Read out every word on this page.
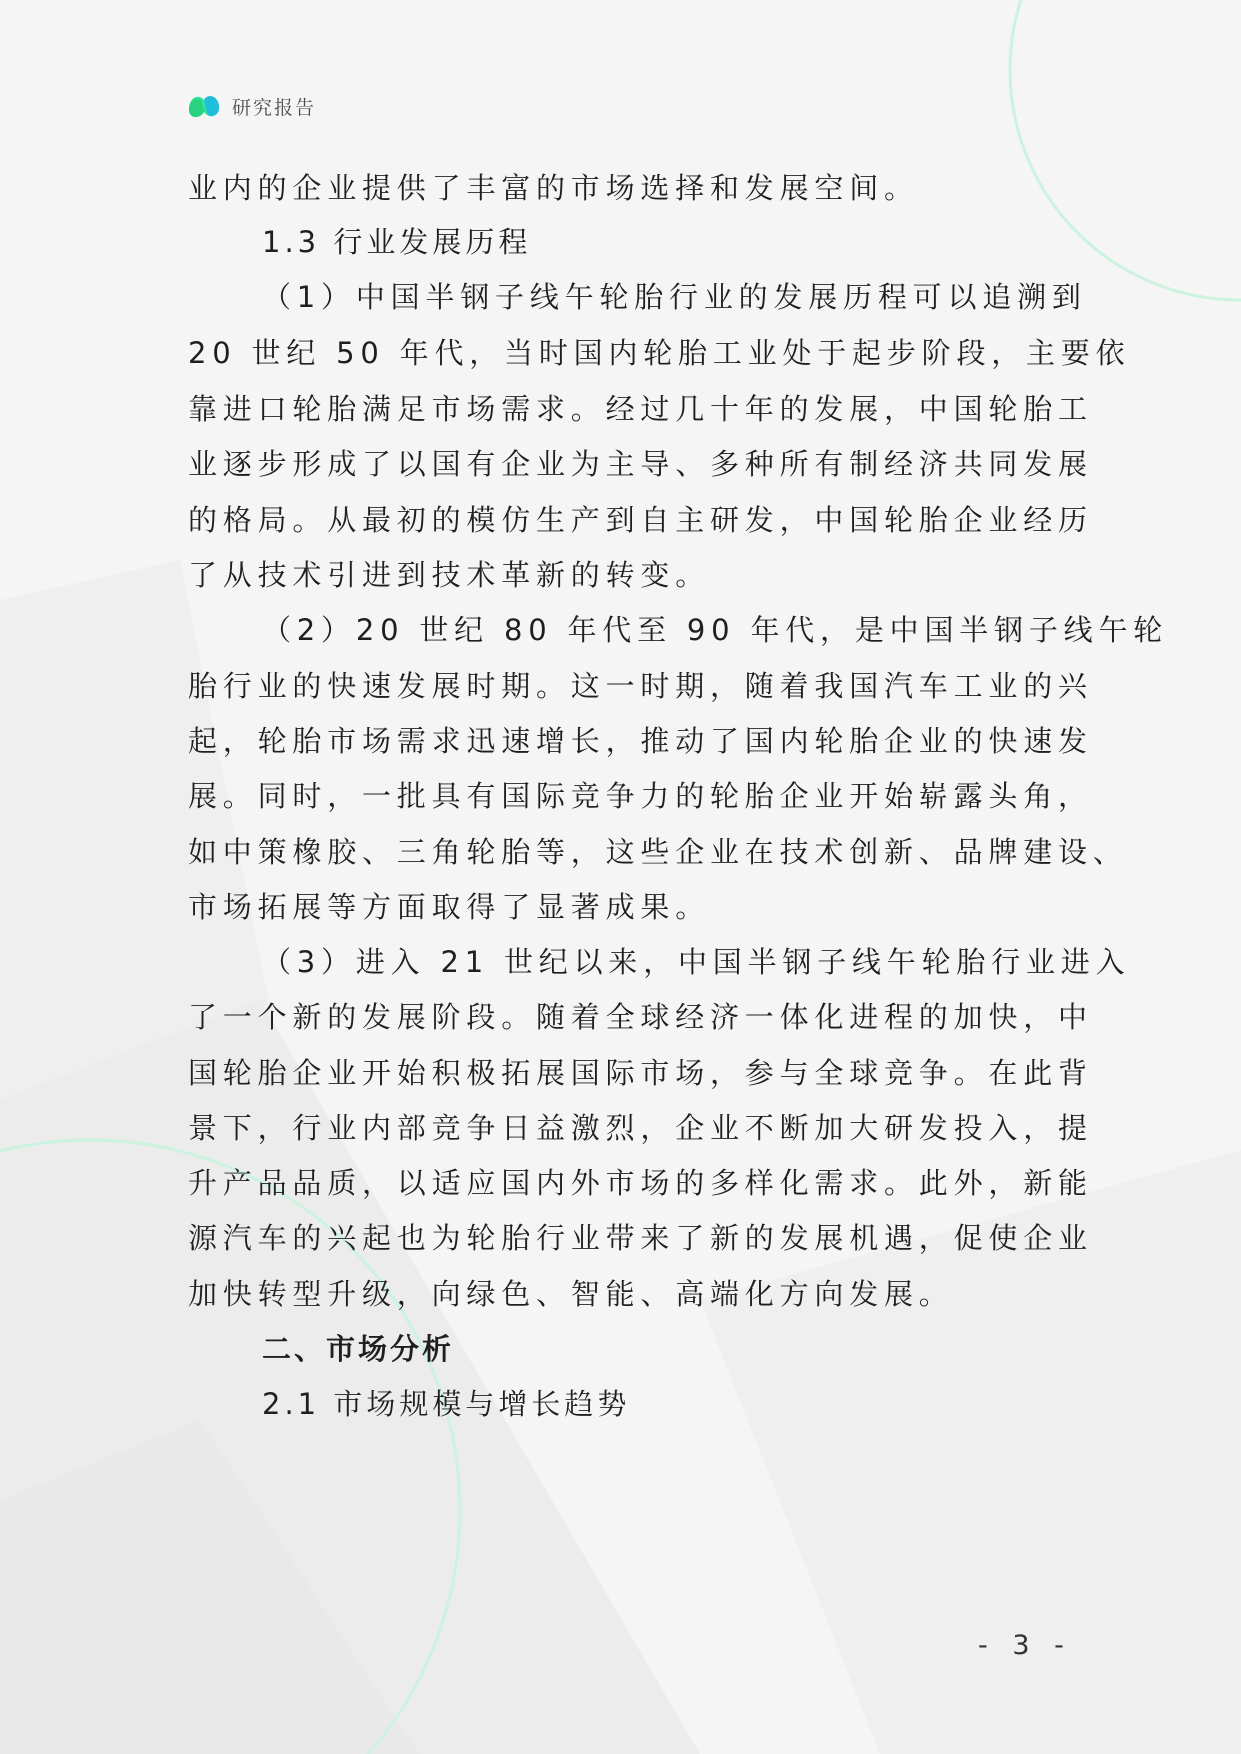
研究报告
业内的企业提供了丰富的市场选择和发展空间。
1.3 行业发展历程
（1）中国半钢子线午轮胎行业的发展历程可以追溯到
20 世纪 50 年代，当时国内轮胎工业处于起步阶段，主要依
靠进口轮胎满足市场需求。经过几十年的发展，中国轮胎工
业逐步形成了以国有企业为主导、多种所有制经济共同发展
的格局。从最初的模仿生产到自主研发，中国轮胎企业经历
了从技术引进到技术革新的转变。
（2）20 世纪 80 年代至 90 年代，是中国半钢子线午轮
胎行业的快速发展时期。这一时期，随着我国汽车工业的兴
起，轮胎市场需求迅速增长，推动了国内轮胎企业的快速发
展。同时，一批具有国际竞争力的轮胎企业开始崭露头角，
如中策橡胶、三角轮胎等，这些企业在技术创新、品牌建设、
市场拓展等方面取得了显著成果。
（3）进入 21 世纪以来，中国半钢子线午轮胎行业进入
了一个新的发展阶段。随着全球经济一体化进程的加快，中
国轮胎企业开始积极拓展国际市场，参与全球竞争。在此背
景下，行业内部竞争日益激烈，企业不断加大研发投入，提
升产品品质，以适应国内外市场的多样化需求。此外，新能
源汽车的兴起也为轮胎行业带来了新的发展机遇，促使企业
加快转型升级，向绿色、智能、高端化方向发展。
二、市场分析
2.1 市场规模与增长趋势
- 3 -
